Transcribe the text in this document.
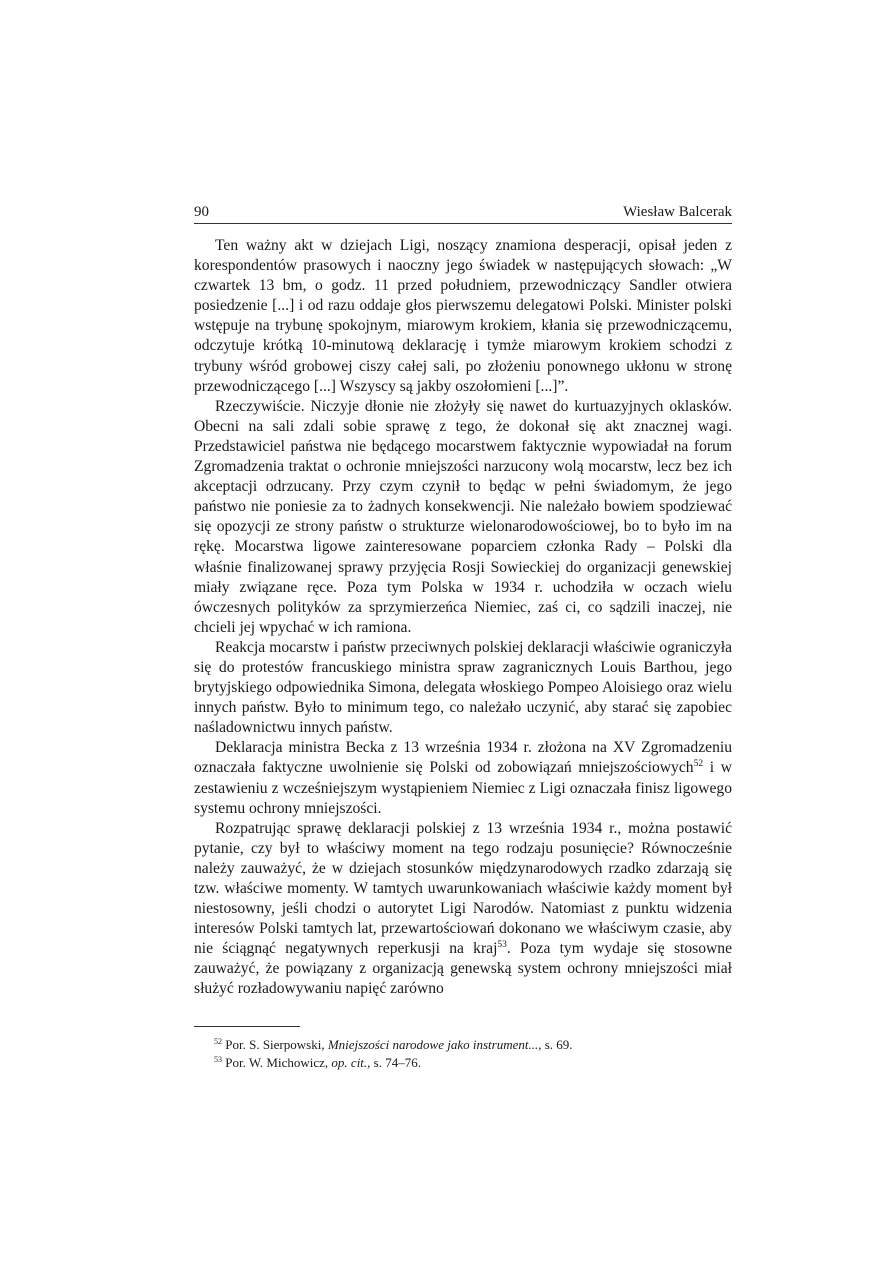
90	Wiesław Balcerak

Ten ważny akt w dziejach Ligi, noszący znamiona desperacji, opisał jeden z korespondentów prasowych i naoczny jego świadek w następujących słowach: „W czwartek 13 bm, o godz. 11 przed południem, przewodniczący Sandler otwiera posiedzenie [...] i od razu oddaje głos pierwszemu delegatowi Polski. Minister polski wstępuje na trybunę spokojnym, miarowym krokiem, kłania się przewodniczącemu, odczytuje krótką 10-minutową deklarację i tymże miarowym krokiem schodzi z trybuny wśród grobowej ciszy całej sali, po złożeniu ponownego ukłonu w stronę przewodniczącego [...] Wszyscy są jakby oszołomieni [...]”.

Rzeczywiście. Niczyje dłonie nie złożyły się nawet do kurtuazyjnych oklasków. Obecni na sali zdali sobie sprawę z tego, że dokonał się akt znacznej wagi. Przedstawiciel państwa nie będącego mocarstwem faktycznie wypowiadał na forum Zgromadzenia traktat o ochronie mniejszości narzucony wolą mocarstw, lecz bez ich akceptacji odrzucany. Przy czym czynił to będąc w pełni świadomym, że jego państwo nie poniesie za to żadnych konsekwencji. Nie należało bowiem spodziewać się opozycji ze strony państw o strukturze wielonarodowościowej, bo to było im na rękę. Mocarstwa ligowe zainteresowane poparciem członka Rady – Polski dla właśnie finalizowanej sprawy przyjęcia Rosji Sowieckiej do organizacji genewskiej miały związane ręce. Poza tym Polska w 1934 r. uchodziła w oczach wielu ówczesnych polityków za sprzymierzeńca Niemiec, zaś ci, co sądzili inaczej, nie chcieli jej wpychać w ich ramiona.

Reakcja mocarstw i państw przeciwnych polskiej deklaracji właściwie ograniczyła się do protestów francuskiego ministra spraw zagranicznych Louis Barthou, jego brytyjskiego odpowiednika Simona, delegata włoskiego Pompeo Aloisiego oraz wielu innych państw. Było to minimum tego, co należało uczynić, aby starać się zapobiec naśladownictwu innych państw.

Deklaracja ministra Becka z 13 września 1934 r. złożona na XV Zgromadzeniu oznaczała faktyczne uwolnienie się Polski od zobowiązań mniejszościowych$^{52}$ i w zestawieniu z wcześniejszym wystąpieniem Niemiec z Ligi oznaczała finisz ligowego systemu ochrony mniejszości.

Rozpatrując sprawę deklaracji polskiej z 13 września 1934 r., można postawić pytanie, czy był to właściwy moment na tego rodzaju posunięcie? Równocześnie należy zauważyć, że w dziejach stosunków międzynarodowych rzadko zdarzają się tzw. właściwe momenty. W tamtych uwarunkowaniach właściwie każdy moment był niestosowny, jeśli chodzi o autorytet Ligi Narodów. Natomiast z punktu widzenia interesów Polski tamtych lat, przewartościowań dokonano we właściwym czasie, aby nie ściągnąć negatywnych reperkusji na kraj$^{53}$. Poza tym wydaje się stosowne zauważyć, że powiązany z organizacją genewską system ochrony mniejszości miał służyć rozładowywaniu napięć zarówno

$^{52}$ Por. S. Sierpowski, Mniejszości narodowe jako instrument..., s. 69.
$^{53}$ Por. W. Michowicz, op. cit., s. 74–76.
